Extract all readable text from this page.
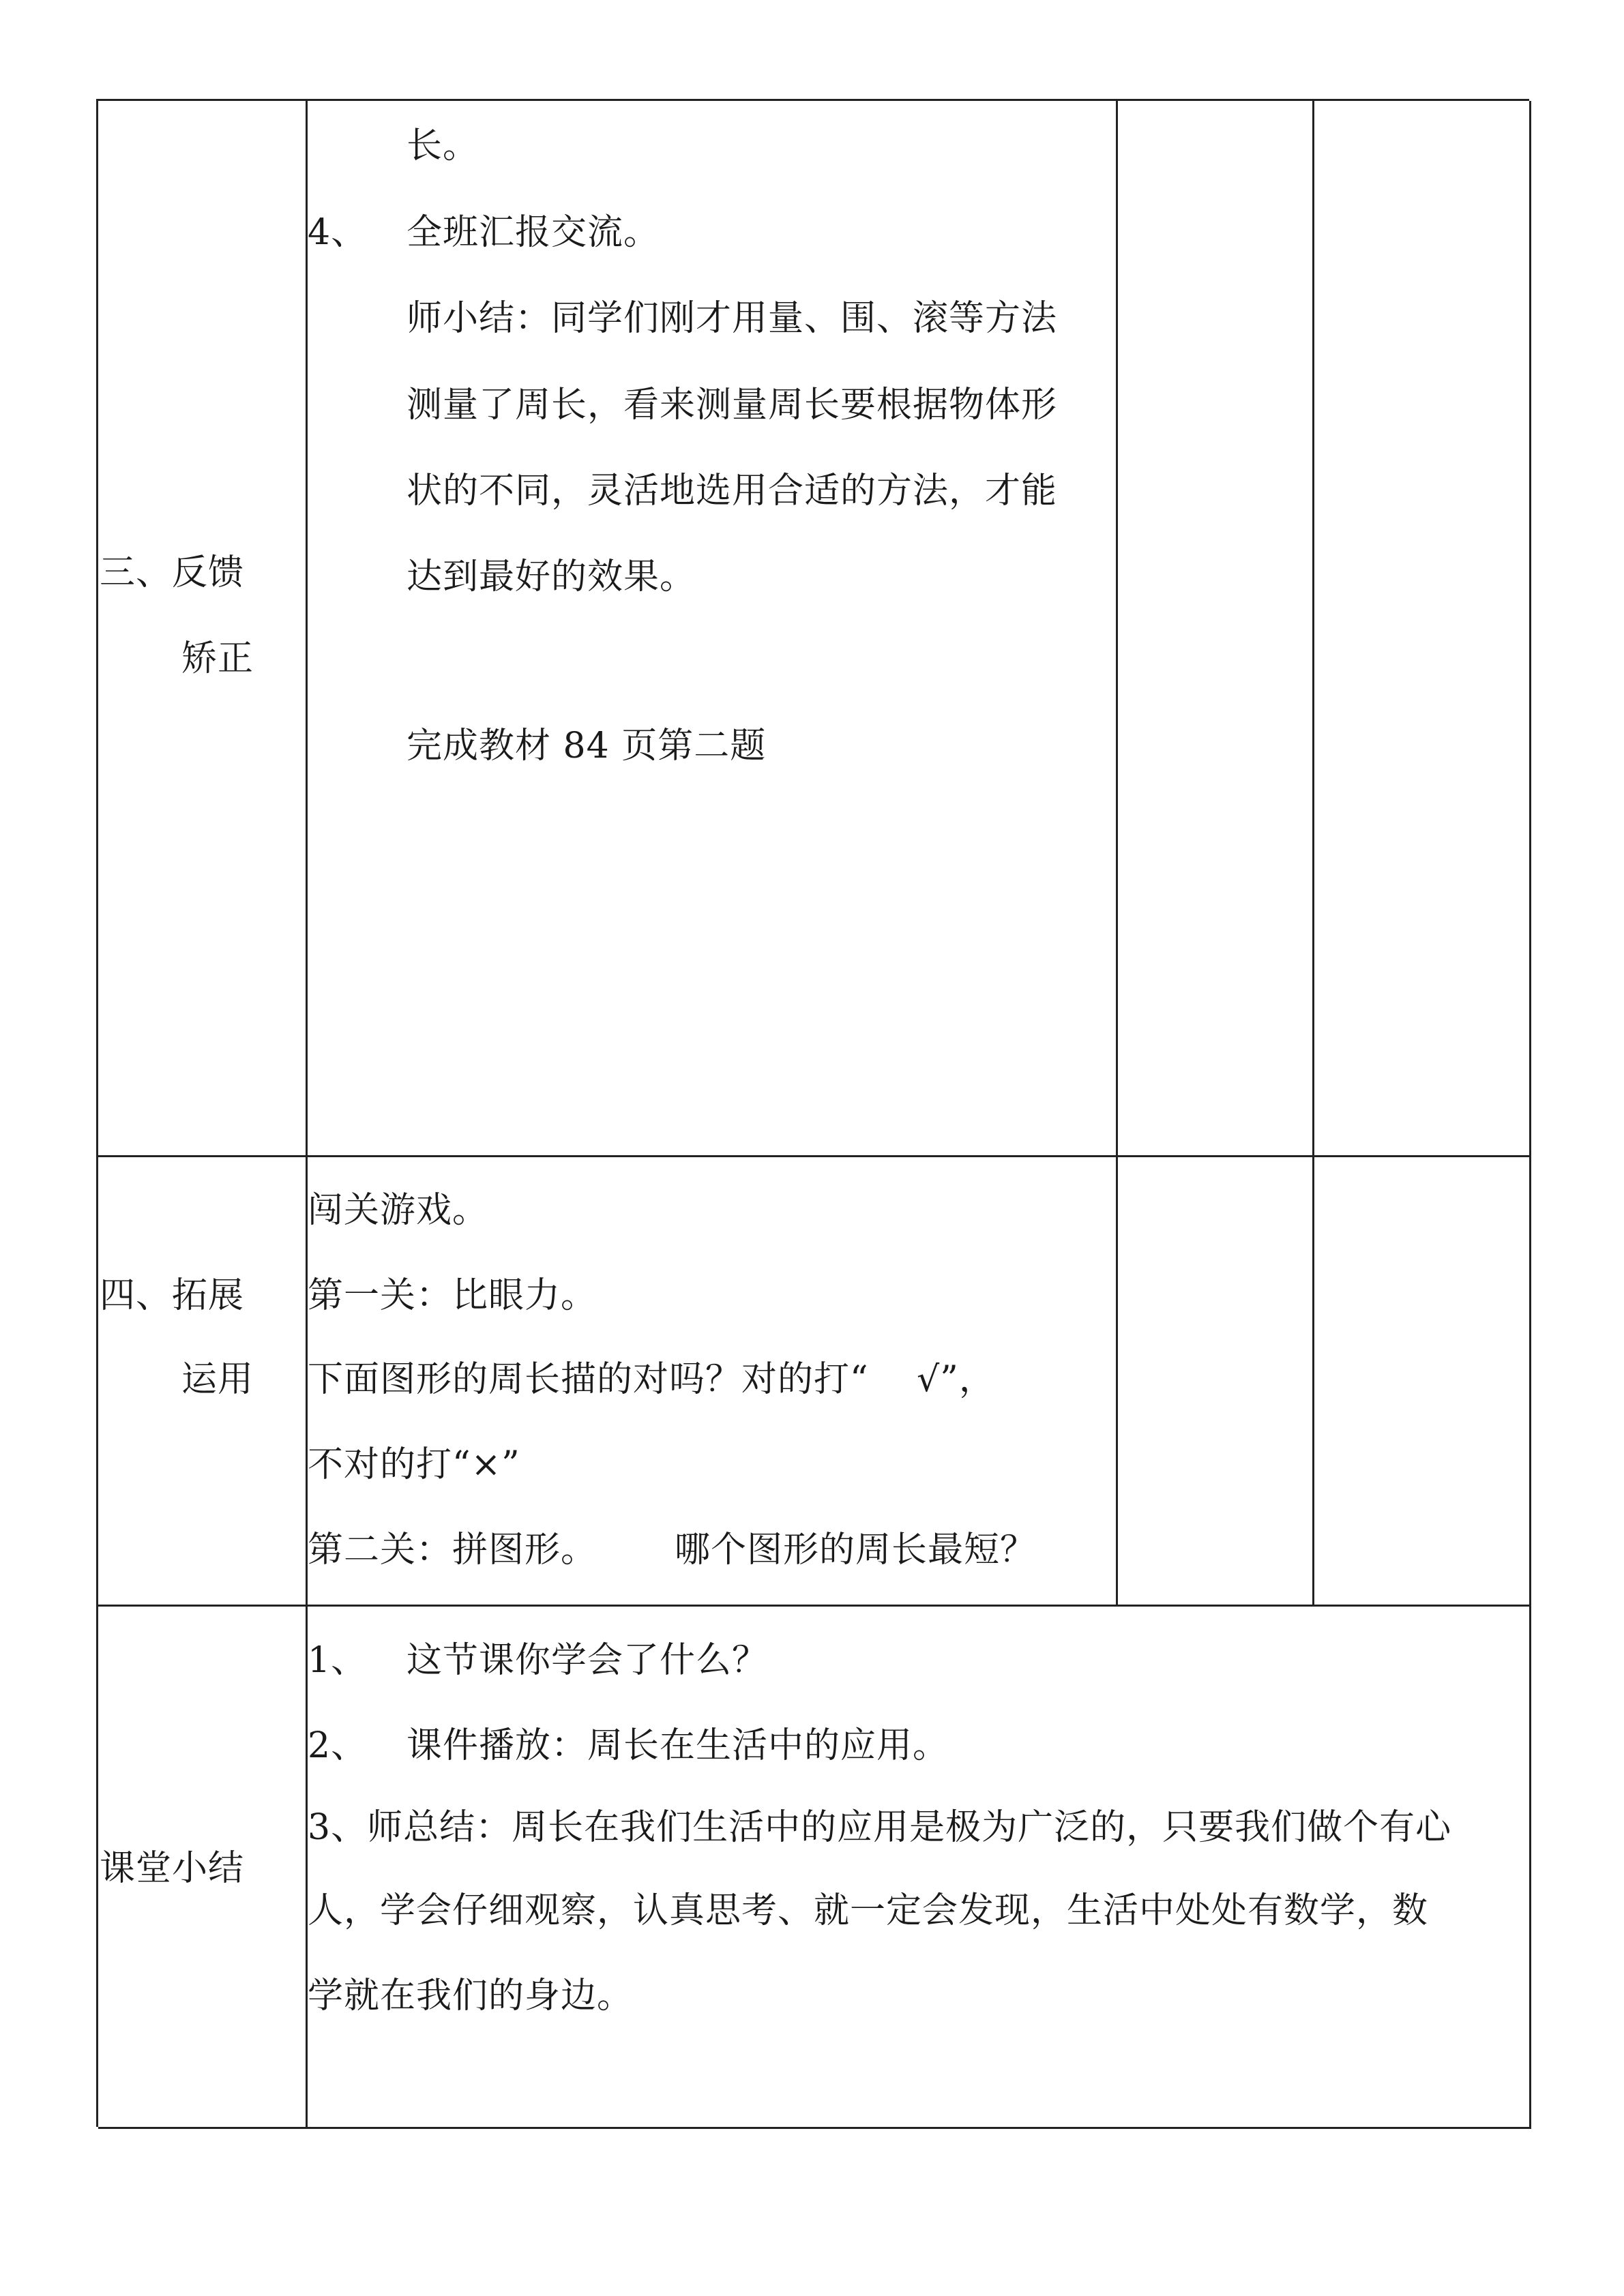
三、反馈
矫正
长。
4、 全班汇报交流。
师小结：同学们刚才用量、围、滚等方法
测量了周长，看来测量周长要根据物体形
状的不同，灵活地选用合适的方法，才能
达到最好的效果。
完成教材 84 页第二题
四、拓展
运用
闯关游戏。
第一关：比眼力。
下面图形的周长描的对吗？对的打“　 √”，
不对的打“×”
第二关：拼图形。 哪个图形的周长最短？
课堂小结
1、 这节课你学会了什么？
2、 课件播放：周长在生活中的应用。
3、师总结：周长在我们生活中的应用是极为广泛的，只要我们做个有心
人，学会仔细观察，认真思考、就一定会发现，生活中处处有数学，数
学就在我们的身边。
